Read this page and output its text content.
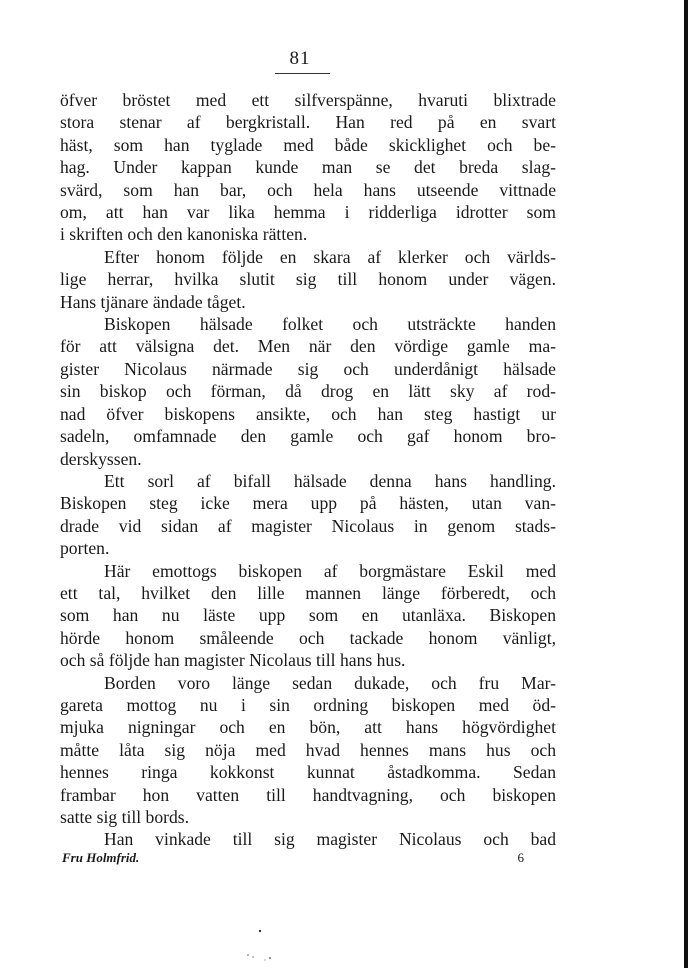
81
öfver bröstet med ett silfverspänne, hvaruti blixtrade
stora stenar af bergkristall. Han red på en svart
häst, som han tyglade med både skicklighet och be-
hag. Under kappan kunde man se det breda slag-
svärd, som han bar, och hela hans utseende vittnade
om, att han var lika hemma i ridderliga idrotter som
i skriften och den kanoniska rätten.
Efter honom följde en skara af klerker och världs-
lige herrar, hvilka slutit sig till honom under vägen.
Hans tjänare ändade tåget.
Biskopen hälsade folket och utsträckte handen
för att välsigna det. Men när den vördige gamle ma-
gister Nicolaus närmade sig och underdånigt hälsade
sin biskop och förman, då drog en lätt sky af rod-
nad öfver biskopens ansikte, och han steg hastigt ur
sadeln, omfamnade den gamle och gaf honom bro-
derskyssen.
Ett sorl af bifall hälsade denna hans handling.
Biskopen steg icke mera upp på hästen, utan van-
drade vid sidan af magister Nicolaus in genom stads-
porten.
Här emottogs biskopen af borgmästare Eskil med
ett tal, hvilket den lille mannen länge förberedt, och
som han nu läste upp som en utanläxa. Biskopen
hörde honom småleende och tackade honom vänligt,
och så följde han magister Nicolaus till hans hus.
Borden voro länge sedan dukade, och fru Mar-
gareta mottog nu i sin ordning biskopen med öd-
mjuka nigningar och en bön, att hans högvördighet
måtte låta sig nöja med hvad hennes mans hus och
hennes ringa kokkonst kunnat åstadkomma. Sedan
frambar hon vatten till handtvagning, och biskopen
satte sig till bords.
Han vinkade till sig magister Nicolaus och bad
Fru Holmfrid.	6
